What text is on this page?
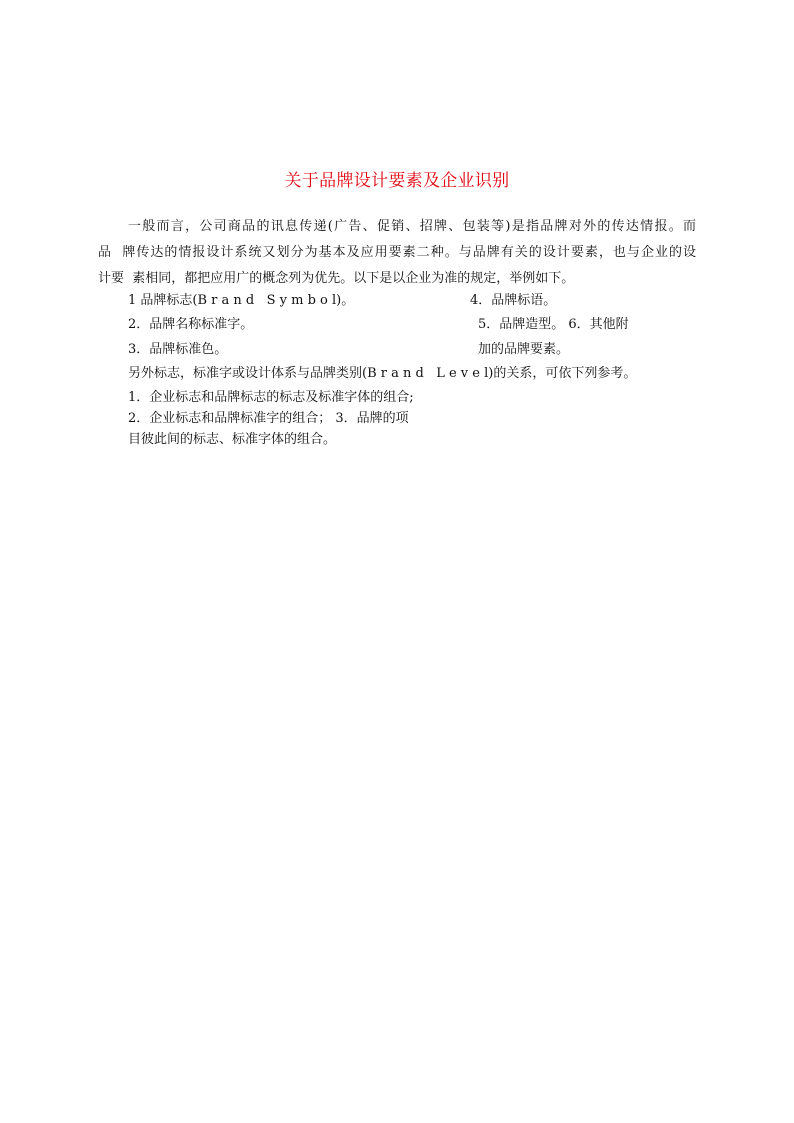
关于品牌设计要素及企业识别
一般而言，公司商品的讯息传递(广告、促销、招牌、包装等)是指品牌对外的传达情报。而
品  牌传达的情报设计系统又划分为基本及应用要素二种。与品牌有关的设计要素，也与企业的设
计要  素相同，都把应用广的概念列为优先。以下是以企业为准的规定，举例如下。
1 品牌标志(B r a n d   S y m b o l)。	4．品牌标语。
2．品牌名称标准字。	5．品牌造型。 6．其他附
3．品牌标准色。	加的品牌要素。
另外标志，标准字或设计体系与品牌类别(B r a n d   L e v e l)的关系，可依下列参考。
1．企业标志和品牌标志的标志及标准字体的组合;
2．企业标志和品牌标准字的组合； 3．品牌的项
目彼此间的标志、标准字体的组合。
